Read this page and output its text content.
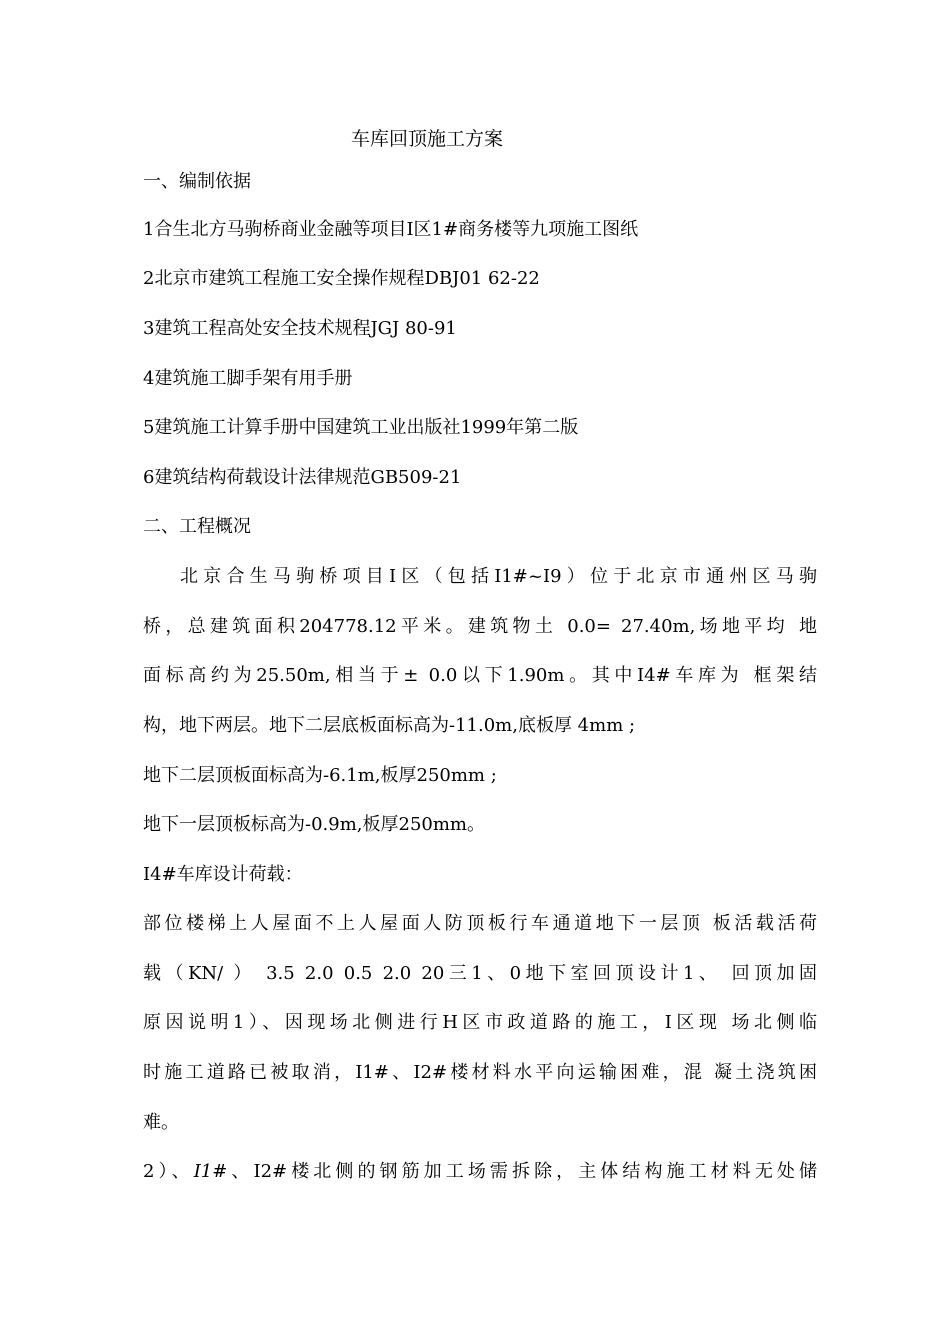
车库回顶施工方案
一、编制依据
1合生北方马驹桥商业金融等项目I区1#商务楼等九项施工图纸
2北京市建筑工程施工安全操作规程DBJ01 62-22
3建筑工程高处安全技术规程JGJ 80-91
4建筑施工脚手架有用手册
5建筑施工计算手册中国建筑工业出版社1999年第二版
6建筑结构荷载设计法律规范GB509-21
二、工程概况
北京合生马驹桥项目I区（包括I1#~I9）位于北京市通州区马驹
桥，总建筑面积204778.12平米。建筑物土 0.0= 27.40m,场地平均 地
面标高约为25.50m,相当于± 0.0以下1.90m。其中I4#车库为 框架结
构，地下两层。地下二层底板面标高为-11.0m,底板厚 4mm ;
地下二层顶板面标高为-6.1m,板厚250mm ;
地下一层顶板标高为-0.9m,板厚250mm。
I4#车库设计荷载：
部位楼梯上人屋面不上人屋面人防顶板行车通道地下一层顶 板活载活荷
载（KN/ ） 3.5 2.0 0.5 2.0 20三1、0地下室回顶设计1、 回顶加固
原因说明1）、因现场北侧进行H区市政道路的施工，I区现 场北侧临
时施工道路已被取消，I1#、I2#楼材料水平向运输困难，混 凝土浇筑困
难。
2）、I1#、I2#楼北侧的钢筋加工场需拆除，主体结构施工材料无处储
